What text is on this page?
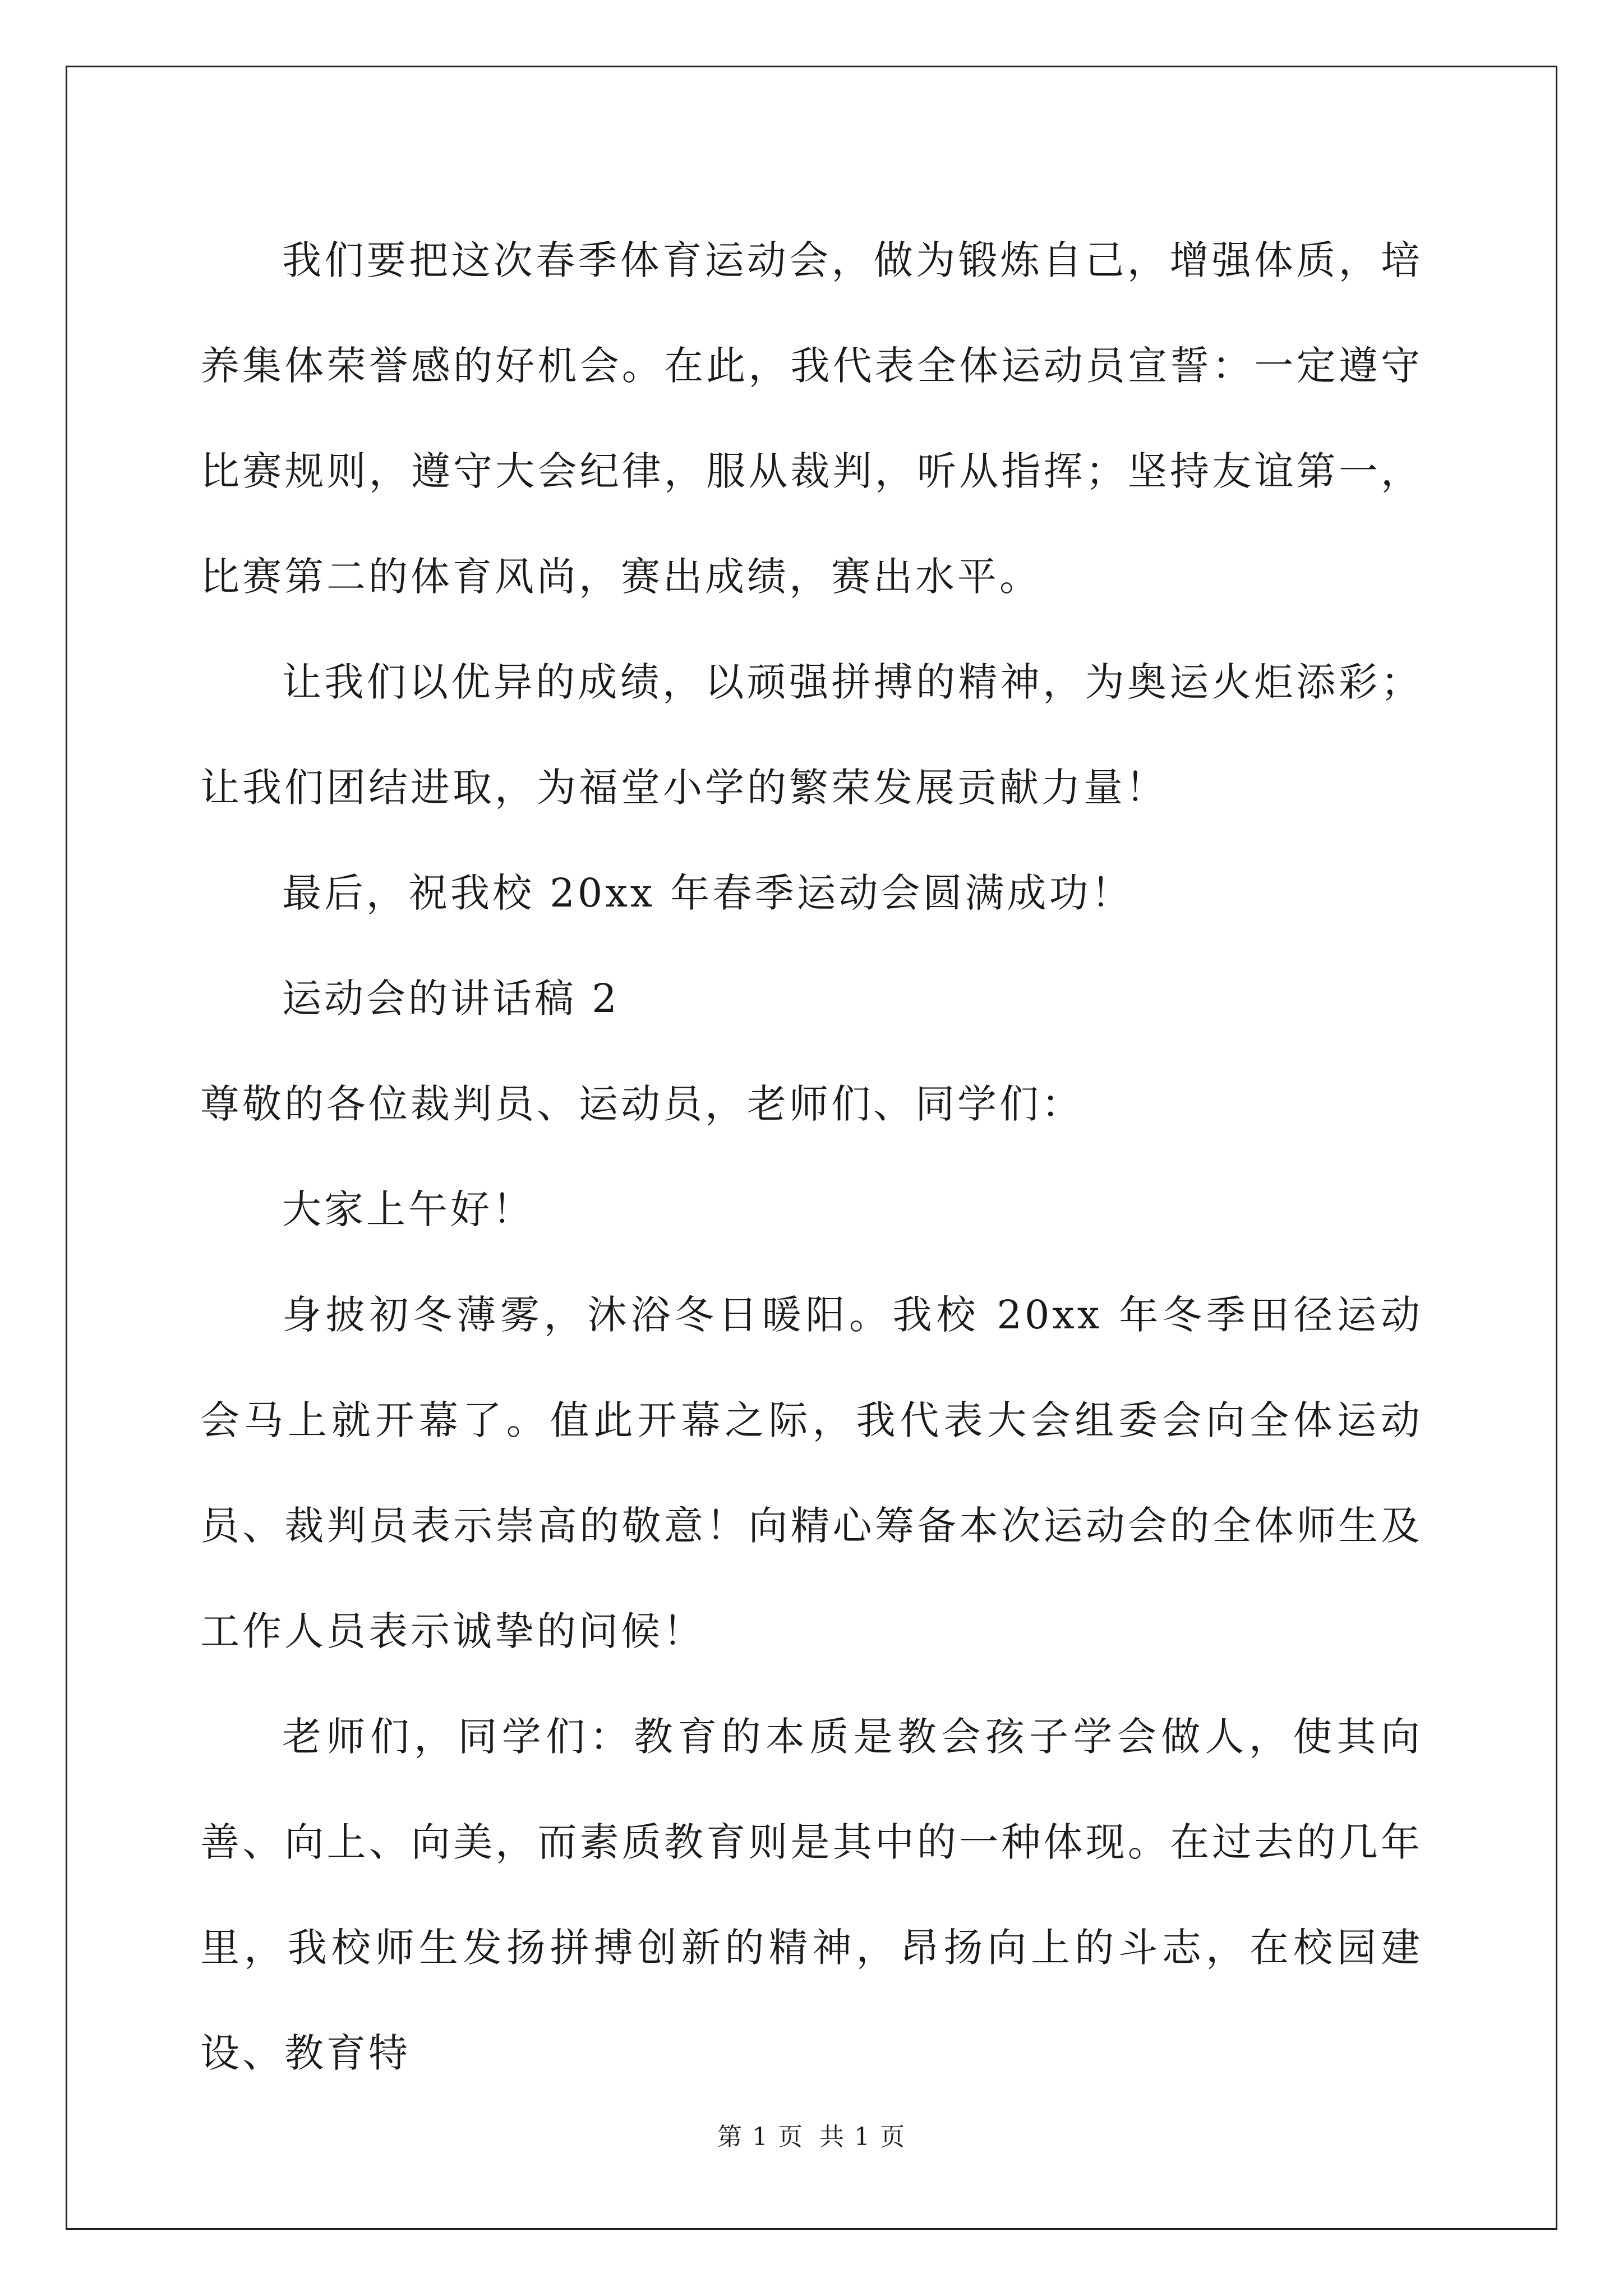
我们要把这次春季体育运动会，做为锻炼自己，增强体质，培养集体荣誉感的好机会。在此，我代表全体运动员宣誓：一定遵守比赛规则，遵守大会纪律，服从裁判，听从指挥；坚持友谊第一，比赛第二的体育风尚，赛出成绩，赛出水平。

让我们以优异的成绩，以顽强拼搏的精神，为奥运火炬添彩；让我们团结进取，为福堂小学的繁荣发展贡献力量！

最后，祝我校 20xx 年春季运动会圆满成功！

运动会的讲话稿 2

尊敬的各位裁判员、运动员，老师们、同学们：

大家上午好！

身披初冬薄雾，沐浴冬日暖阳。我校 20xx 年冬季田径运动会马上就开幕了。值此开幕之际，我代表大会组委会向全体运动员、裁判员表示崇高的敬意！向精心筹备本次运动会的全体师生及工作人员表示诚挚的问候！

老师们，同学们：教育的本质是教会孩子学会做人，使其向善、向上、向美，而素质教育则是其中的一种体现。在过去的几年里，我校师生发扬拼搏创新的精神，昂扬向上的斗志，在校园建设、教育特

第 1 页 共 1 页
